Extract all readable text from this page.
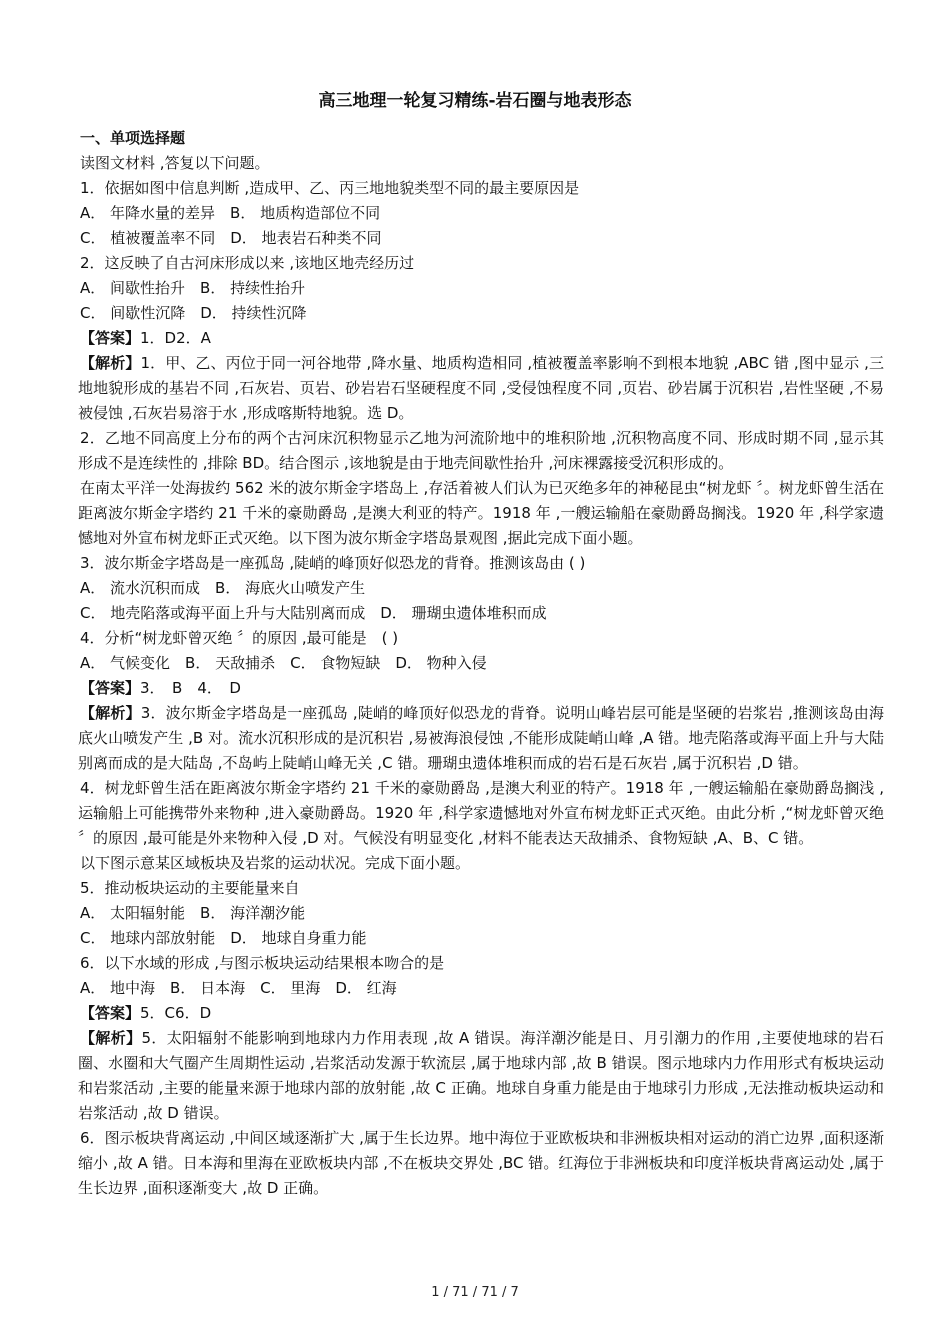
高三地理一轮复习精练-岩石圈与地表形态

一、单项选择题

读图文材料 ,答复以下问题。

1．依据如图中信息判断 ,造成甲、乙、丙三地地貌类型不同的最主要原因是

A． 年降水量的差异　B． 地质构造部位不同

C． 植被覆盖率不同　D． 地表岩石种类不同

2．这反映了自古河床形成以来 ,该地区地壳经历过

A． 间歇性抬升　B． 持续性抬升

C． 间歇性沉降　D． 持续性沉降

【答案】1．D2．A

【解析】1．甲、乙、丙位于同一河谷地带 ,降水量、地质构造相同 ,植被覆盖率影响不到根本地貌 ,ABC 错 ,图中显示 ,三地地貌形成的基岩不同 ,石灰岩、页岩、砂岩岩石坚硬程度不同 ,受侵蚀程度不同 ,页岩、砂岩属于沉积岩 ,岩性坚硬 ,不易被侵蚀 ,石灰岩易溶于水 ,形成喀斯特地貌。选 D。

2．乙地不同高度上分布的两个古河床沉积物显示乙地为河流阶地中的堆积阶地 ,沉积物高度不同、形成时期不同 ,显示其形成不是连续性的 ,排除 BD。结合图示 ,该地貌是由于地壳间歇性抬升 ,河床裸露接受沉积形成的。

在南太平洋一处海拔约 562 米的波尔斯金字塔岛上 ,存活着被人们认为已灭绝多年的神秘昆虫“树龙虾 〞。树龙虾曾生活在距离波尔斯金字塔约 21 千米的豪勋爵岛 ,是澳大利亚的特产。1918 年 ,一艘运输船在豪勋爵岛搁浅。1920 年 ,科学家遗憾地对外宣布树龙虾正式灭绝。以下图为波尔斯金字塔岛景观图 ,据此完成下面小题。

3．波尔斯金字塔岛是一座孤岛 ,陡峭的峰顶好似恐龙的背脊。推测该岛由 ( )

A． 流水沉积而成　B． 海底火山喷发产生

C． 地壳陷落或海平面上升与大陆别离而成　D． 珊瑚虫遗体堆积而成

4．分析“树龙虾曾灭绝 〞的原因 ,最可能是　( )

A． 气候变化　B． 天敌捕杀　C． 食物短缺　D． 物种入侵

【答案】3．　B　4．　D

【解析】3．波尔斯金字塔岛是一座孤岛 ,陡峭的峰顶好似恐龙的背脊。说明山峰岩层可能是坚硬的岩浆岩 ,推测该岛由海底火山喷发产生 ,B 对。流水沉积形成的是沉积岩 ,易被海浪侵蚀 ,不能形成陡峭山峰 ,A 错。地壳陷落或海平面上升与大陆别离而成的是大陆岛 ,不岛屿上陡峭山峰无关 ,C 错。珊瑚虫遗体堆积而成的岩石是石灰岩 ,属于沉积岩 ,D 错。

4．树龙虾曾生活在距离波尔斯金字塔约 21 千米的豪勋爵岛 ,是澳大利亚的特产。1918 年 ,一艘运输船在豪勋爵岛搁浅 ,运输船上可能携带外来物种 ,进入豪勋爵岛。1920 年 ,科学家遗憾地对外宣布树龙虾正式灭绝。由此分析 ,“树龙虾曾灭绝 〞的原因 ,最可能是外来物种入侵 ,D 对。气候没有明显变化 ,材料不能表达天敌捕杀、食物短缺 ,A、B、C 错。

以下图示意某区域板块及岩浆的运动状况。完成下面小题。

5．推动板块运动的主要能量来自

A． 太阳辐射能　B． 海洋潮汐能

C． 地球内部放射能　D． 地球自身重力能

6．以下水域的形成 ,与图示板块运动结果根本吻合的是

A． 地中海　B． 日本海　C． 里海　D． 红海

【答案】5．C6．D

【解析】5．太阳辐射不能影响到地球内力作用表现 ,故 A 错误。海洋潮汐能是日、月引潮力的作用 ,主要使地球的岩石圈、水圈和大气圈产生周期性运动 ,岩浆活动发源于软流层 ,属于地球内部 ,故 B 错误。图示地球内力作用形式有板块运动和岩浆活动 ,主要的能量来源于地球内部的放射能 ,故 C 正确。地球自身重力能是由于地球引力形成 ,无法推动板块运动和岩浆活动 ,故 D 错误。

6．图示板块背离运动 ,中间区域逐渐扩大 ,属于生长边界。地中海位于亚欧板块和非洲板块相对运动的消亡边界 ,面积逐渐缩小 ,故 A 错。日本海和里海在亚欧板块内部 ,不在板块交界处 ,BC 错。红海位于非洲板块和印度洋板块背离运动处 ,属于生长边界 ,面积逐渐变大 ,故 D 正确。

1 / 71 / 71 / 7
